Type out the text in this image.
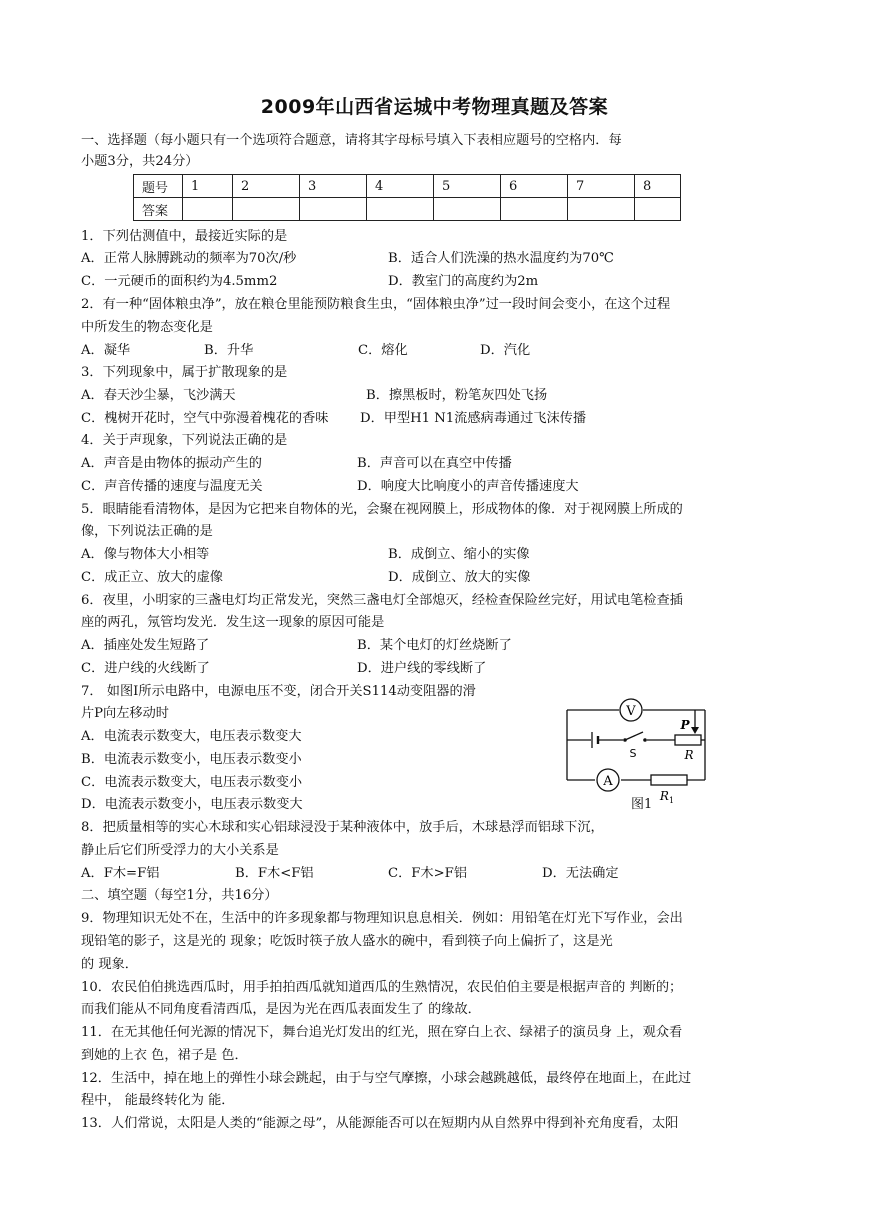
2009年山西省运城中考物理真题及答案
一、选择题（每小题只有一个选项符合题意，请将其字母标号填入下表相应题号的空格内．每
小题3分，共24分）
题号	1	2	3	4	5	6	7	8
答案								
1．下列估测值中，最接近实际的是
A．正常人脉膊跳动的频率为70次/秒	B．适合人们洗澡的热水温度约为70℃
C．一元硬币的面积约为4.5mm2	D．教室门的高度约为2m
2．有一种“固体粮虫净”，放在粮仓里能预防粮食生虫，“固体粮虫净”过一段时间会变小，在这个过程
中所发生的物态变化是
A．凝华	B．升华	C．熔化	D．汽化
3．下列现象中，属于扩散现象的是
A．春天沙尘暴，飞沙满天	B．擦黑板时，粉笔灰四处飞扬
C．槐树开花时，空气中弥漫着槐花的香味 D．甲型H1 N1流感病毒通过飞沫传播
4．关于声现象，下列说法正确的是
A．声音是由物体的振动产生的	B．声音可以在真空中传播
C．声音传播的速度与温度无关	D．响度大比响度小的声音传播速度大
5．眼睛能看清物体，是因为它把来自物体的光，会聚在视网膜上，形成物体的像．对于视网膜上所成的
像，下列说法正确的是
A．像与物体大小相等	B．成倒立、缩小的实像
C．成正立、放大的虚像	D．成倒立、放大的实像
6．夜里，小明家的三盏电灯均正常发光，突然三盏电灯全部熄灭，经检查保险丝完好，用试电笔检查插
座的两孔，氖管均发光．发生这一现象的原因可能是
A．插座处发生短路了	B．某个电灯的灯丝烧断了
C．进户线的火线断了	D．进户线的零线断了
7． 如图I所示电路中，电源电压不变，闭合开关S114动变阻器的滑
片P向左移动时
A．电流表示数变大，电压表示数变大
B．电流表示数变小，电压表示数变小
C．电流表示数变大，电压表示数变小
D．电流表示数变小，电压表示数变大
V
S
P
R
A
$R_1$
图1
8．把质量相等的实心木球和实心铝球浸没于某种液体中，放手后，木球悬浮而铝球下沉，
静止后它们所受浮力的大小关系是
A．F木=F铝	B．F木<F铝	C．F木>F铝	D．无法确定
二、填空题（每空1分，共16分）
9．物理知识无处不在，生活中的许多现象都与物理知识息息相关．例如：用铅笔在灯光下写作业，会出
现铅笔的影子，这是光的 现象；吃饭时筷子放人盛水的碗中，看到筷子向上偏折了，这是光
的 现象．
10．农民伯伯挑选西瓜时，用手拍拍西瓜就知道西瓜的生熟情况，农民伯伯主要是根据声音的 判断的；
而我们能从不同角度看清西瓜，是因为光在西瓜表面发生了 的缘故．
11．在无其他任何光源的情况下，舞台追光灯发出的红光，照在穿白上衣、绿裙子的演员身 上，观众看
到她的上衣 色，裙子是 色．
12．生活中，掉在地上的弹性小球会跳起，由于与空气摩擦，小球会越跳越低，最终停在地面上，在此过
程中， 能最终转化为 能．
13．人们常说，太阳是人类的“能源之母”，从能源能否可以在短期内从自然界中得到补充角度看，太阳
